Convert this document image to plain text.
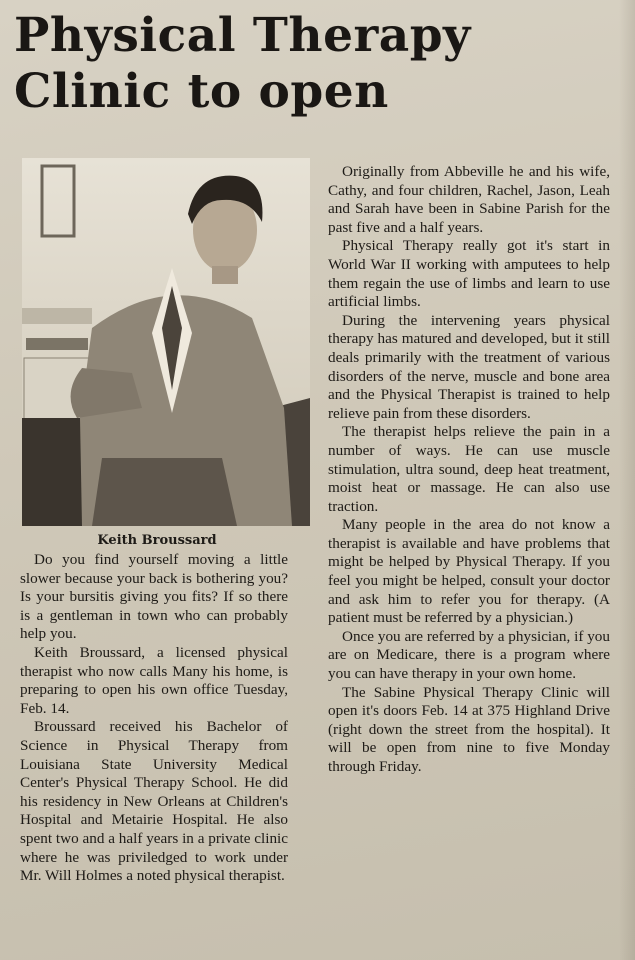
Physical Therapy
Clinic to open
Keith Broussard

Do you find yourself moving a little slower because your back is bothering you? Is your bursitis giving you fits? If so there is a gentleman in town who can probably help you.

Keith Broussard, a licensed physical therapist who now calls Many his home, is preparing to open his own office Tuesday, Feb. 14.

Broussard received his Bachelor of Science in Physical Therapy from Louisiana State University Medical Center's Physical Therapy School. He did his residency in New Orleans at Children's Hospital and Metairie Hospital. He also spent two and a half years in a private clinic where he was priviledged to work under Mr. Will Holmes a noted physical therapist.

Originally from Abbeville he and his wife, Cathy, and four children, Rachel, Jason, Leah and Sarah have been in Sabine Parish for the past five and a half years.

Physical Therapy really got it's start in World War II working with amputees to help them regain the use of limbs and learn to use artificial limbs.

During the intervening years physical therapy has matured and developed, but it still deals primarily with the treatment of various disorders of the nerve, muscle and bone area and the Physical Therapist is trained to help relieve pain from these disorders.

The therapist helps relieve the pain in a number of ways. He can use muscle stimulation, ultra sound, deep heat treatment, moist heat or massage. He can also use traction.

Many people in the area do not know a therapist is available and have problems that might be helped by Physical Therapy. If you feel you might be helped, consult your doctor and ask him to refer you for therapy. (A patient must be referred by a physician.)

Once you are referred by a physician, if you are on Medicare, there is a program where you can have therapy in your own home.

The Sabine Physical Therapy Clinic will open it's doors Feb. 14 at 375 Highland Drive (right down the street from the hospital). It will be open from nine to five Monday through Friday.
